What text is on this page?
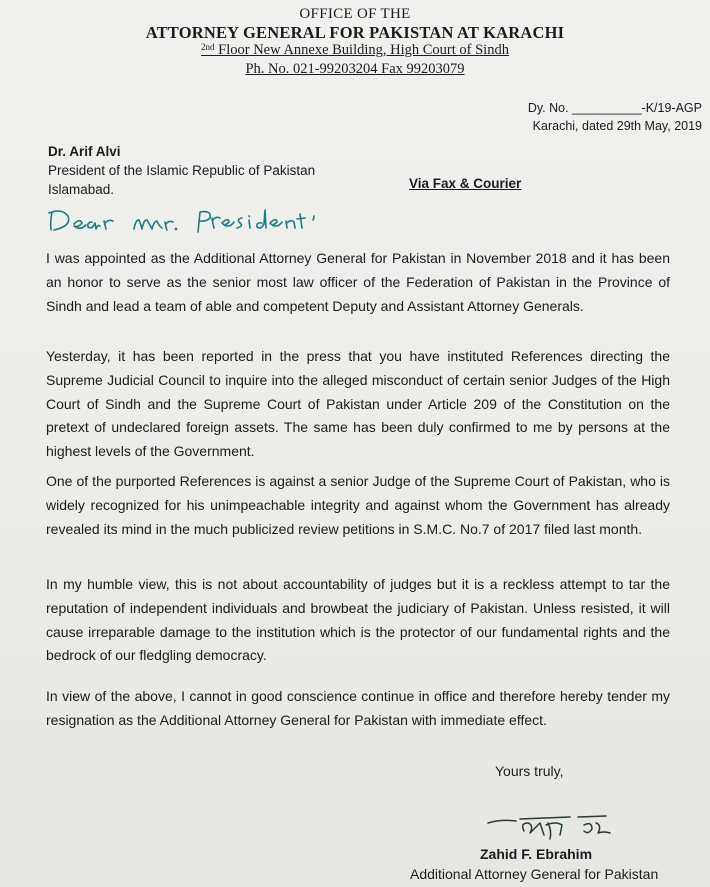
OFFICE OF THE
ATTORNEY GENERAL FOR PAKISTAN AT KARACHI
$^{2nd}$ Floor New Annexe Building, High Court of Sindh
Ph. No. 021-99203204 Fax 99203079
Dy. No. __________-K/19-AGP
Karachi, dated 29th May, 2019
Dr. Arif Alvi
President of the Islamic Republic of Pakistan
Islamabad.	Via Fax & Courier
I was appointed as the Additional Attorney General for Pakistan in November 2018 and it has been an honor to serve as the senior most law officer of the Federation of Pakistan in the Province of Sindh and lead a team of able and competent Deputy and Assistant Attorney Generals.
Yesterday, it has been reported in the press that you have instituted References directing the Supreme Judicial Council to inquire into the alleged misconduct of certain senior Judges of the High Court of Sindh and the Supreme Court of Pakistan under Article 209 of the Constitution on the pretext of undeclared foreign assets. The same has been duly confirmed to me by persons at the highest levels of the Government.
One of the purported References is against a senior Judge of the Supreme Court of Pakistan, who is widely recognized for his unimpeachable integrity and against whom the Government has already revealed its mind in the much publicized review petitions in S.M.C. No.7 of 2017 filed last month.
In my humble view, this is not about accountability of judges but it is a reckless attempt to tar the reputation of independent individuals and browbeat the judiciary of Pakistan. Unless resisted, it will cause irreparable damage to the institution which is the protector of our fundamental rights and the bedrock of our fledgling democracy.
In view of the above, I cannot in good conscience continue in office and therefore hereby tender my resignation as the Additional Attorney General for Pakistan with immediate effect.
Yours truly,
Zahid F. Ebrahim
Additional Attorney General for Pakistan
